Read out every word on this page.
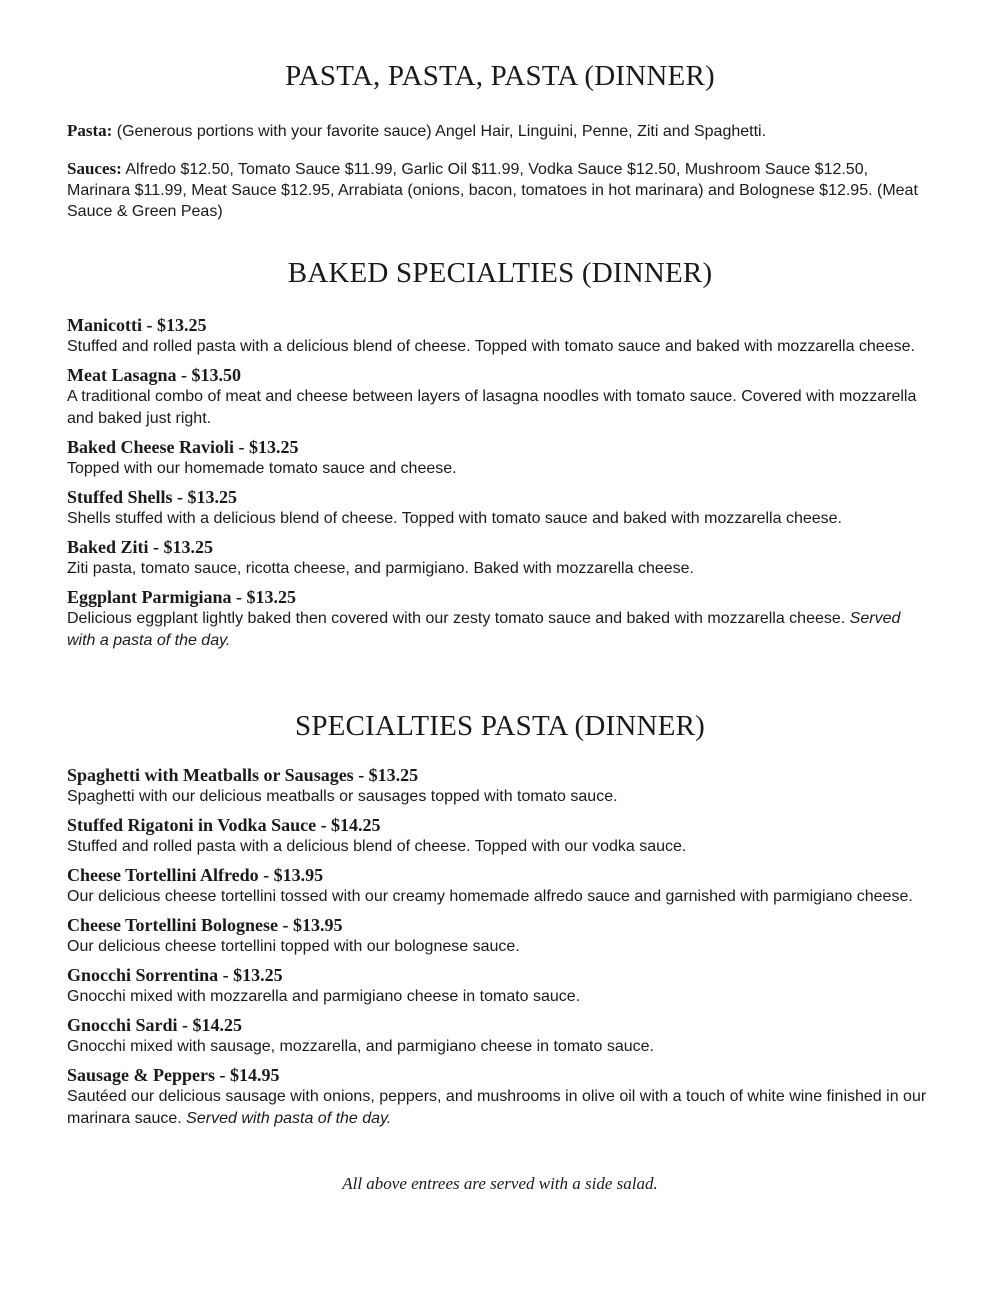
PASTA, PASTA, PASTA (DINNER)
Pasta: (Generous portions with your favorite sauce) Angel Hair, Linguini, Penne, Ziti and Spaghetti.
Sauces: Alfredo $12.50, Tomato Sauce $11.99, Garlic Oil $11.99, Vodka Sauce $12.50, Mushroom Sauce $12.50, Marinara $11.99, Meat Sauce $12.95, Arrabiata (onions, bacon, tomatoes in hot marinara) and Bolognese $12.95. (Meat Sauce & Green Peas)
BAKED SPECIALTIES (DINNER)
Manicotti - $13.25
Stuffed and rolled pasta with a delicious blend of cheese. Topped with tomato sauce and baked with mozzarella cheese.
Meat Lasagna - $13.50
A traditional combo of meat and cheese between layers of lasagna noodles with tomato sauce. Covered with mozzarella and baked just right.
Baked Cheese Ravioli - $13.25
Topped with our homemade tomato sauce and cheese.
Stuffed Shells - $13.25
Shells stuffed with a delicious blend of cheese. Topped with tomato sauce and baked with mozzarella cheese.
Baked Ziti - $13.25
Ziti pasta, tomato sauce, ricotta cheese, and parmigiano. Baked with mozzarella cheese.
Eggplant Parmigiana - $13.25
Delicious eggplant lightly baked then covered with our zesty tomato sauce and baked with mozzarella cheese. Served with a pasta of the day.
SPECIALTIES PASTA (DINNER)
Spaghetti with Meatballs or Sausages - $13.25
Spaghetti with our delicious meatballs or sausages topped with tomato sauce.
Stuffed Rigatoni in Vodka Sauce - $14.25
Stuffed and rolled pasta with a delicious blend of cheese. Topped with our vodka sauce.
Cheese Tortellini Alfredo - $13.95
Our delicious cheese tortellini tossed with our creamy homemade alfredo sauce and garnished with parmigiano cheese.
Cheese Tortellini Bolognese - $13.95
Our delicious cheese tortellini topped with our bolognese sauce.
Gnocchi Sorrentina - $13.25
Gnocchi mixed with mozzarella and parmigiano cheese in tomato sauce.
Gnocchi Sardi - $14.25
Gnocchi mixed with sausage, mozzarella, and parmigiano cheese in tomato sauce.
Sausage & Peppers - $14.95
Sautéed our delicious sausage with onions, peppers, and mushrooms in olive oil with a touch of white wine finished in our marinara sauce. Served with pasta of the day.
All above entrees are served with a side salad.
